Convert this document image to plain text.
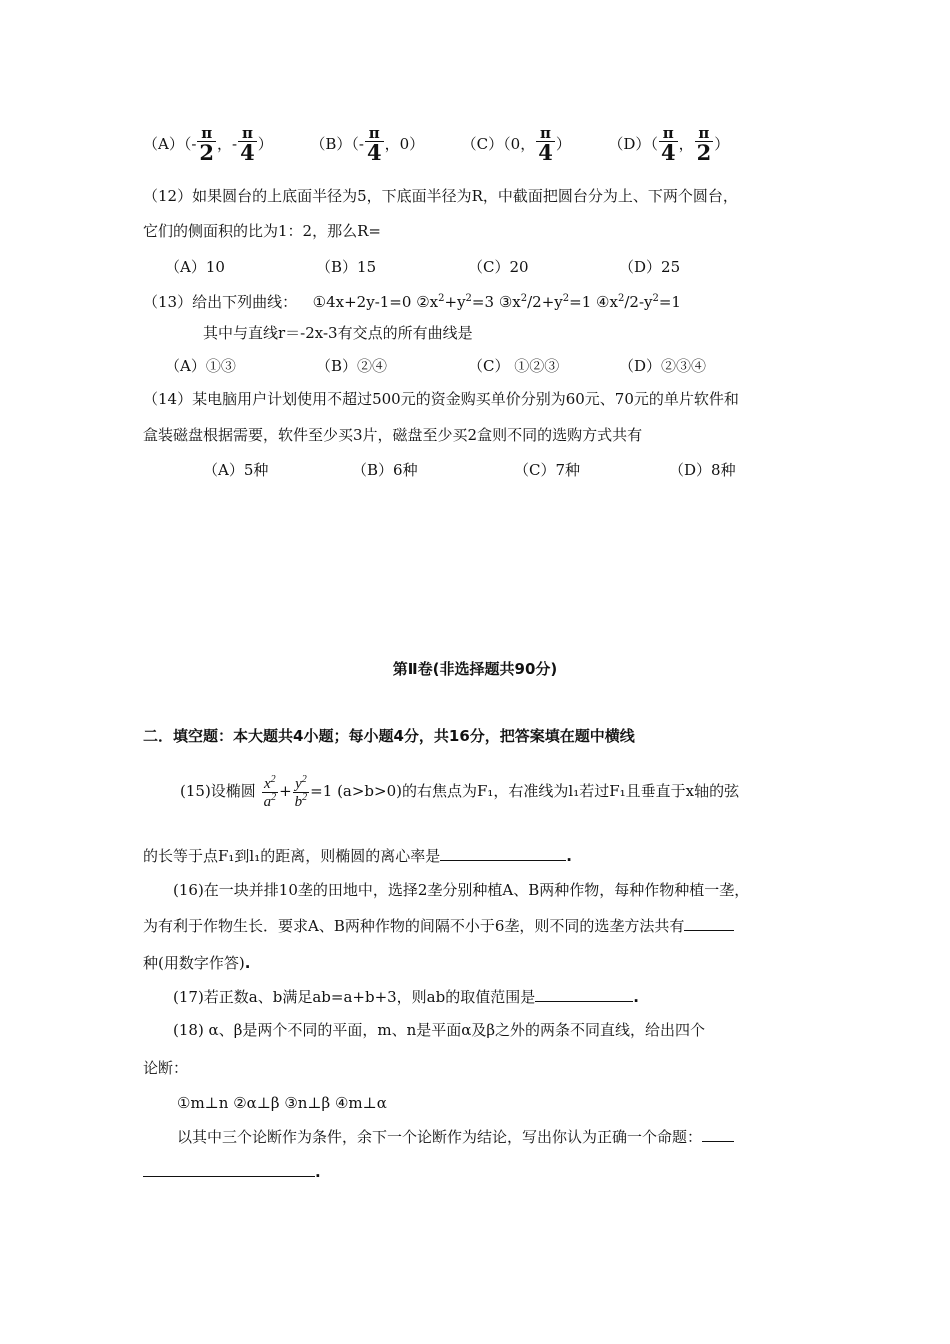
$(A)(- \frac{\pi}{2}$ ，- $\frac{\pi}{4}$ ）	$(B)(- \frac{\pi}{4}$ ，0）	（C）（0， $\frac{\pi}{4}$ ）	$(D)( \frac{\pi}{4}$ ， $\frac{\pi}{2}$ ）
（12）如果圆台的上底面半径为5，下底面半径为R，中截面把圆台分为上、下两个圆台，
它们的侧面积的比为1：2，那么R=
（A）10	（B）15	（C）20	（D）25
（13）给出下列曲线： ①4x+2y-1=0 $②x^2+y^2=3$ $③x^2/2+y^2=1$ $④x^2/2-y^2=1$
其中与直线r＝-2x-3有交点的所有曲线是
（A）①③	（B）②④	（C） ①②③	（D）②③④
（14）某电脑用户计划使用不超过500元的资金购买单价分别为60元、70元的单片软件和
盒装磁盘根据需要，软件至少买3片，磁盘至少买2盒则不同的选购方式共有
（A）5种	（B）6种	（C）7种	（D）8种
第Ⅱ卷(非选择题共90分)
二．填空题：本大题共4小题；每小题4分，共16分，把答案填在题中横线
(15)设椭圆 $\frac{x^2}{a^2} + \frac{y^2}{b^2} =1$ (a>b>0)的右焦点为F₁，右准线为l₁若过F₁且垂直于x轴的弦
的长等于点F₁到l₁的距离，则椭圆的离心率是	.
(16)在一块并排10垄的田地中，选择2垄分别种植A、B两种作物，每种作物种植一垄，
为有利于作物生长．要求A、B两种作物的间隔不小于6垄，则不同的选垄方法共有
种(用数字作答).
(17)若正数a、b满足ab=a+b+3，则ab的取值范围是	.
(18) α、β是两个不同的平面，m、n是平面α及β之外的两条不同直线，给出四个
论断：
①m⊥n ②α⊥β ③n⊥β ④m⊥α
以其中三个论断作为条件，余下一个论断作为结论，写出你认为正确一个命题：
.
